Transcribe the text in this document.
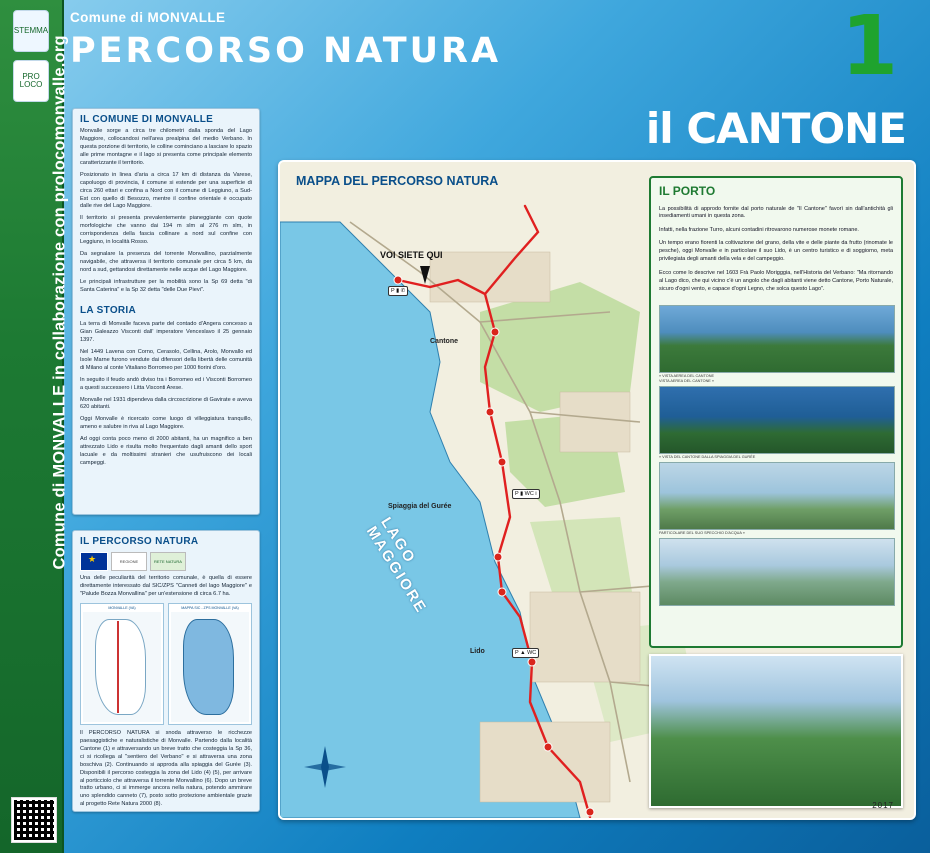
STEMMA
PRO LOCO Comune di MONVALLE in collaborazione con prolocomonvalle.org
Comune di MONVALLE
PERCORSO NATURA	1
il CANTONE
IL COMUNE DI MONVALLE

Monvalle sorge a circa tre chilometri dalla sponda del Lago Maggiore, collocandosi nell'area prealpina del medio Verbano. In questa porzione di territorio, le colline cominciano a lasciare lo spazio alle prime montagne e il lago si presenta come principale elemento caratterizzante il territorio.

Posizionato in linea d'aria a circa 17 km di distanza da Varese, capoluogo di provincia, il comune si estende per una superficie di circa 260 ettari e confina a Nord con il comune di Leggiuno, a Sud-Est con quello di Besozzo, mentre il confine orientale è occupato dalle rive del Lago Maggiore.

Il territorio si presenta prevalentemente pianeggiante con quote morfologiche che vanno dai 194 m slm al 276 m slm, in corrispondenza della fascia collinare a nord sul confine con Leggiuno, in località Rosso.

Da segnalare la presenza del torrente Monvallino, parzialmente navigabile, che attraversa il territorio comunale per circa 5 km, da nord a sud, gettandosi direttamente nelle acque del Lago Maggiore.

Le principali infrastrutture per la mobilità sono la Sp 69 detta "di Santa Caterina" e la Sp 32 detta "delle Due Pievi".

LA STORIA

La terra di Monvalle faceva parte del contado d'Angera concesso a Gian Galeazzo Visconti dall' imperatore Venceslavo il 25 gennaio 1397.

Nel 1449 Lavena con Corno, Cerasolo, Cellina, Arolo, Monvallo ed Isole Marne furono vendute dai difensori della libertà delle comunità di Milano al conte Vitaliano Borromeo per 1000 fiorini d'oro.

In seguito il feudo andò diviso tra i Borromeo ed i Visconti Borromeo a questi successero i Litta Visconti Arese.

Monvalle nel 1931 dipendeva dalla circoscrizione di Gavirate e aveva 620 abitanti.

Oggi Monvalle è ricercato come luogo di villeggiatura tranquillo, ameno e salubre in riva al Lago Maggiore.

Ad oggi conta poco meno di 2000 abitanti, ha un magnifico a ben attrezzato Lido e risulta molto frequentato dagli amanti dello sport lacuale e da moltissimi stranieri che usufruiscono dei locali campeggi.

IL PERCORSO NATURA
★
REGIONE	RETE NATURA

Una delle peculiarità del territorio comunale, è quella di essere direttamente interessato dal SIC/ZPS "Canneti del lago Maggiore" e "Palude Bozza Monvallina" per un'estensione di circa 6.7 ha.

MONVALLE (VA)	MAPPA SIC - ZPS MONVALLE (VA)

Il PERCORSO NATURA si snoda attraverso le ricchezze paesaggistiche e naturalistiche di Monvalle. Partendo dalla località Cantone (1) e attraversando un breve tratto che costeggia la Sp 36, ci si ricollega al "sentiero del Verbano" e si attraversa una zona boschiva (2). Continuando si approda alla spiaggia del Gurée (3). Disponibili il percorso costeggia la zona del Lido (4) (5), per arrivare al porticciolo che attraversa il torrente Monvallino (6). Dopo un breve tratto urbano, ci si immerge ancora nella natura, potendo ammirare uno splendido canneto (7), posto sotto protezione ambientale grazie al progetto Rete Natura 2000 (8).

MAPPA DEL PERCORSO NATURA
VOI SIETE QUI
P ▮ ✆
P ▮ WC i
P ▲ WC
Cantone
Spiaggia del Gurée
Lido
LAGO MAGGIORE
IL PORTO

La possibilità di approdo fornite dal porto naturale de "Il Cantone" favorì sin dall'antichità gli insediamenti umani in questa zona.

Infatti, nella frazione Turro, alcuni contadini ritrovarono numerose monete romane.

Un tempo erano fiorenti la coltivazione del grano, della vite e delle piante da frutto (rinomate le pesche), oggi Monvalle e in particolare il suo Lido, è un centro turistico e di soggiorno, meta privilegiata degli amanti della vela e del campeggio.

Ecco come lo descrive nel 1603 Frà Paolo Morigggia, nell'Historia del Verbano: "Ma ritornando al Lago dico, che qui vicino c'è un angolo che dagli abitanti viene detto Cantone, Porto Naturale, sicuro d'ogni vento, e capace d'ogni Legno, che solca questo Lago".

« VISTA AEREA DEL CANTONE
VISTA AEREA DEL CANTONE »
« VISTA DEL CANTONE DALLA SPIAGGIA DEL GURÉE
PARTICOLARE DEL SUO SPECCHIO D'ACQUA »
2017
